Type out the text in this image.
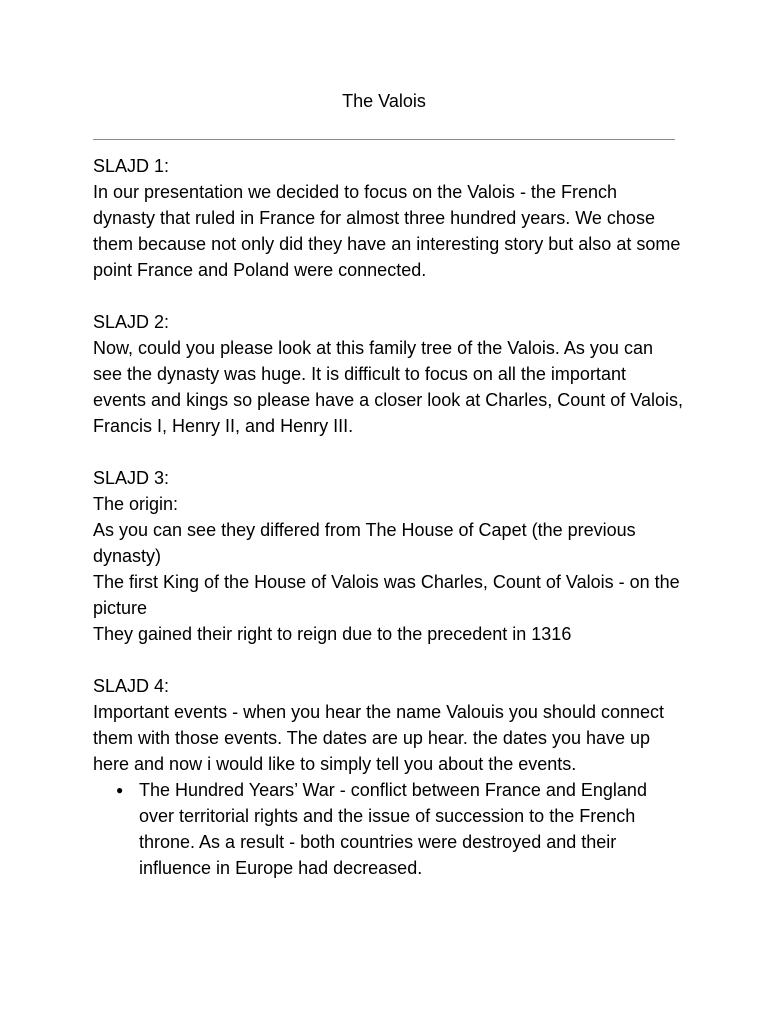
The Valois

SLAJD 1:

In our presentation we decided to focus on the Valois - the French dynasty that ruled in France for almost three hundred years. We chose them because not only did they have an interesting story but also at some point France and Poland were connected.

SLAJD 2:

Now, could you please look at this family tree of the Valois. As you can see the dynasty was huge. It is difficult to focus on all the important events and kings so please have a closer look at Charles, Count of Valois, Francis I, Henry II, and Henry III.

SLAJD 3:

The origin:

As you can see they differed from The House of Capet (the previous dynasty)

The first King of the House of Valois was Charles, Count of Valois - on the picture

They gained their right to reign due to the precedent in 1316

SLAJD 4:

Important events - when you hear the name Valouis you should connect them with those events. The dates are up hear. the dates you have up here and now i would like to simply tell you about the events.

● The Hundred Years’ War - conflict between France and England over territorial rights and the issue of succession to the French throne. As a result - both countries were destroyed and their influence in Europe had decreased.
